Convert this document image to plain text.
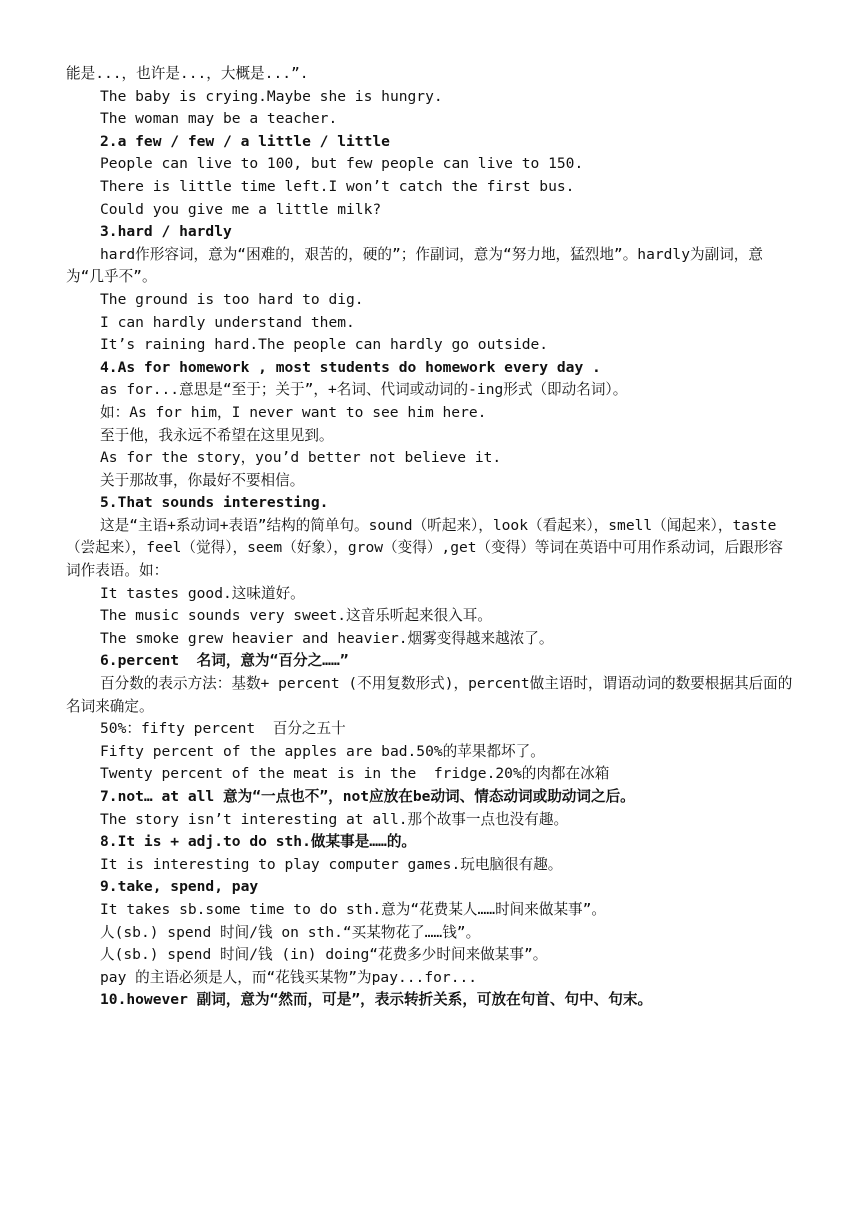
能是...，也许是...，大概是...”.

The baby is crying.Maybe she is hungry.

The woman may be a teacher.

2.a few / few / a little / little

People can live to 100, but few people can live to 150.

There is little time left.I won’t catch the first bus.

Could you give me a little milk?

3.hard / hardly

hard作形容词，意为“困难的，艰苦的，硬的”；作副词，意为“努力地，猛烈地”。hardly为副词，意为“几乎不”。

The ground is too hard to dig.

I can hardly understand them.

It’s raining hard.The people can hardly go outside.

4.As for homework , most students do homework every day .

as for...意思是“至于；关于”，+名词、代词或动词的-ing形式（即动名词）。

如：As for him，I never want to see him here.

至于他，我永远不希望在这里见到。

As for the story，you’d better not believe it.

关于那故事，你最好不要相信。

5.That sounds interesting.

这是“主语+系动词+表语”结构的简单句。sound（听起来），look（看起来），smell（闻起来），taste（尝起来），feel（觉得），seem（好象），grow（变得）,get（变得）等词在英语中可用作系动词，后跟形容词作表语。如：

It tastes good.这味道好。

The music sounds very sweet.这音乐听起来很入耳。

The smoke grew heavier and heavier.烟雾变得越来越浓了。

6.percent  名词，意为“百分之……”

百分数的表示方法：基数+ percent (不用复数形式)，percent做主语时，谓语动词的数要根据其后面的名词来确定。

50%：fifty percent  百分之五十

Fifty percent of the apples are bad.50%的苹果都坏了。

Twenty percent of the meat is in the  fridge.20%的肉都在冰箱

7.not… at all 意为“一点也不”，not应放在be动词、情态动词或助动词之后。

The story isn’t interesting at all.那个故事一点也没有趣。

8.It is + adj.to do sth.做某事是……的。

It is interesting to play computer games.玩电脑很有趣。

9.take, spend, pay

It takes sb.some time to do sth.意为“花费某人……时间来做某事”。

人(sb.) spend 时间/钱 on sth.“买某物花了……钱”。

人(sb.) spend 时间/钱 (in) doing“花费多少时间来做某事”。

pay 的主语必须是人，而“花钱买某物”为pay...for...

10.however 副词，意为“然而，可是”，表示转折关系，可放在句首、句中、句末。
